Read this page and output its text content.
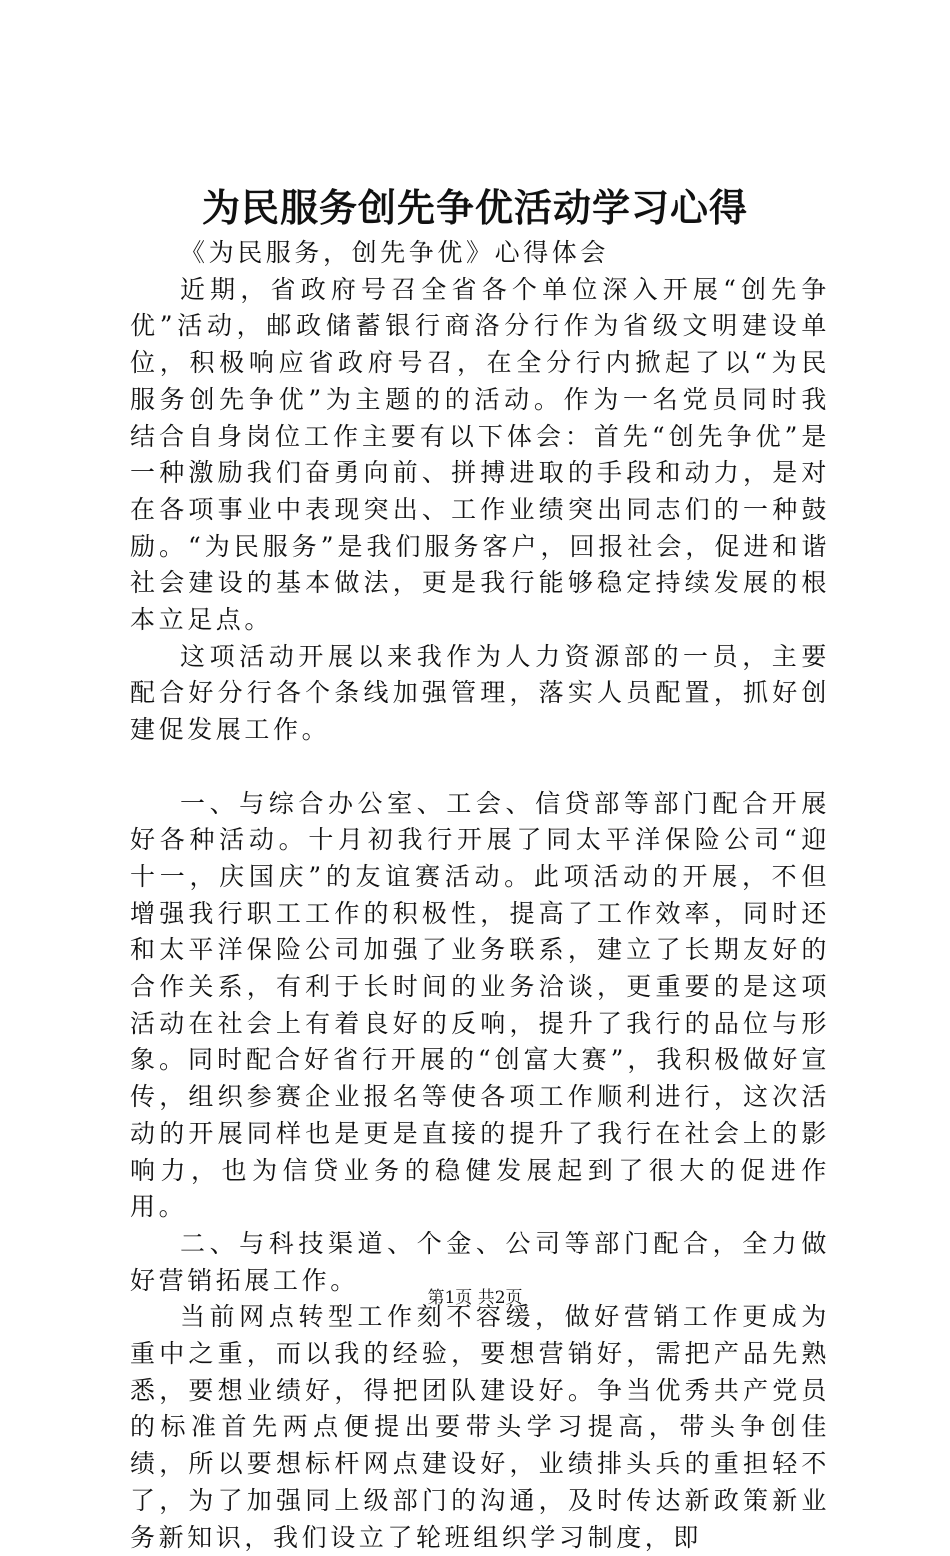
为民服务创先争优活动学习心得

《为民服务，创先争优》心得体会

近期，省政府号召全省各个单位深入开展“创先争优”活动，邮政储蓄银行商洛分行作为省级文明建设单位，积极响应省政府号召，在全分行内掀起了以“为民服务创先争优”为主题的的活动。作为一名党员同时我结合自身岗位工作主要有以下体会：首先“创先争优”是一种激励我们奋勇向前、拼搏进取的手段和动力，是对在各项事业中表现突出、工作业绩突出同志们的一种鼓励。“为民服务”是我们服务客户，回报社会，促进和谐社会建设的基本做法，更是我行能够稳定持续发展的根本立足点。

这项活动开展以来我作为人力资源部的一员，主要配合好分行各个条线加强管理，落实人员配置，抓好创建促发展工作。

一、与综合办公室、工会、信贷部等部门配合开展好各种活动。十月初我行开展了同太平洋保险公司“迎十一，庆国庆”的友谊赛活动。此项活动的开展，不但增强我行职工工作的积极性，提高了工作效率，同时还和太平洋保险公司加强了业务联系，建立了长期友好的合作关系，有利于长时间的业务洽谈，更重要的是这项活动在社会上有着良好的反响，提升了我行的品位与形象。同时配合好省行开展的“创富大赛”，我积极做好宣传，组织参赛企业报名等使各项工作顺利进行，这次活动的开展同样也是更是直接的提升了我行在社会上的影响力，也为信贷业务的稳健发展起到了很大的促进作用。

二、与科技渠道、个金、公司等部门配合，全力做好营销拓展工作。

当前网点转型工作刻不容缓，做好营销工作更成为重中之重，而以我的经验，要想营销好，需把产品先熟悉，要想业绩好，得把团队建设好。争当优秀共产党员的标准首先两点便提出要带头学习提高，带头争创佳绩，所以要想标杆网点建设好，业绩排头兵的重担轻不了，为了加强同上级部门的沟通，及时传达新政策新业务新知识，我们设立了轮班组织学习制度，即

第1页 共2页
